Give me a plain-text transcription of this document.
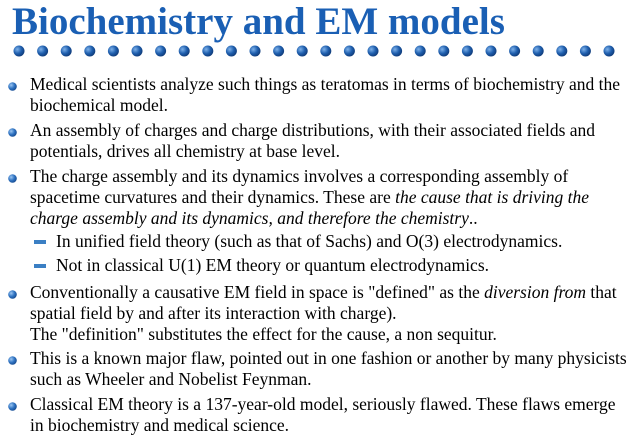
Biochemistry and EM models
Medical scientists analyze such things as teratomas in terms of biochemistry and the biochemical model.
An assembly of charges and charge distributions, with their associated fields and potentials, drives all chemistry at base level.
The charge assembly and its dynamics involves a corresponding assembly of spacetime curvatures and their dynamics. These are the cause that is driving the charge assembly and its dynamics, and therefore the chemistry..
In unified field theory (such as that of Sachs) and O(3) electrodynamics.
Not in classical U(1) EM theory or quantum electrodynamics.
Conventionally a causative EM field in space is "defined" as the diversion from that spatial field by and after its interaction with charge).
The "definition" substitutes the effect for the cause, a non sequitur.
This is a known major flaw, pointed out in one fashion or another by many physicists such as Wheeler and Nobelist Feynman.
Classical EM theory is a 137-year-old model, seriously flawed. These flaws emerge in biochemistry and medical science.
